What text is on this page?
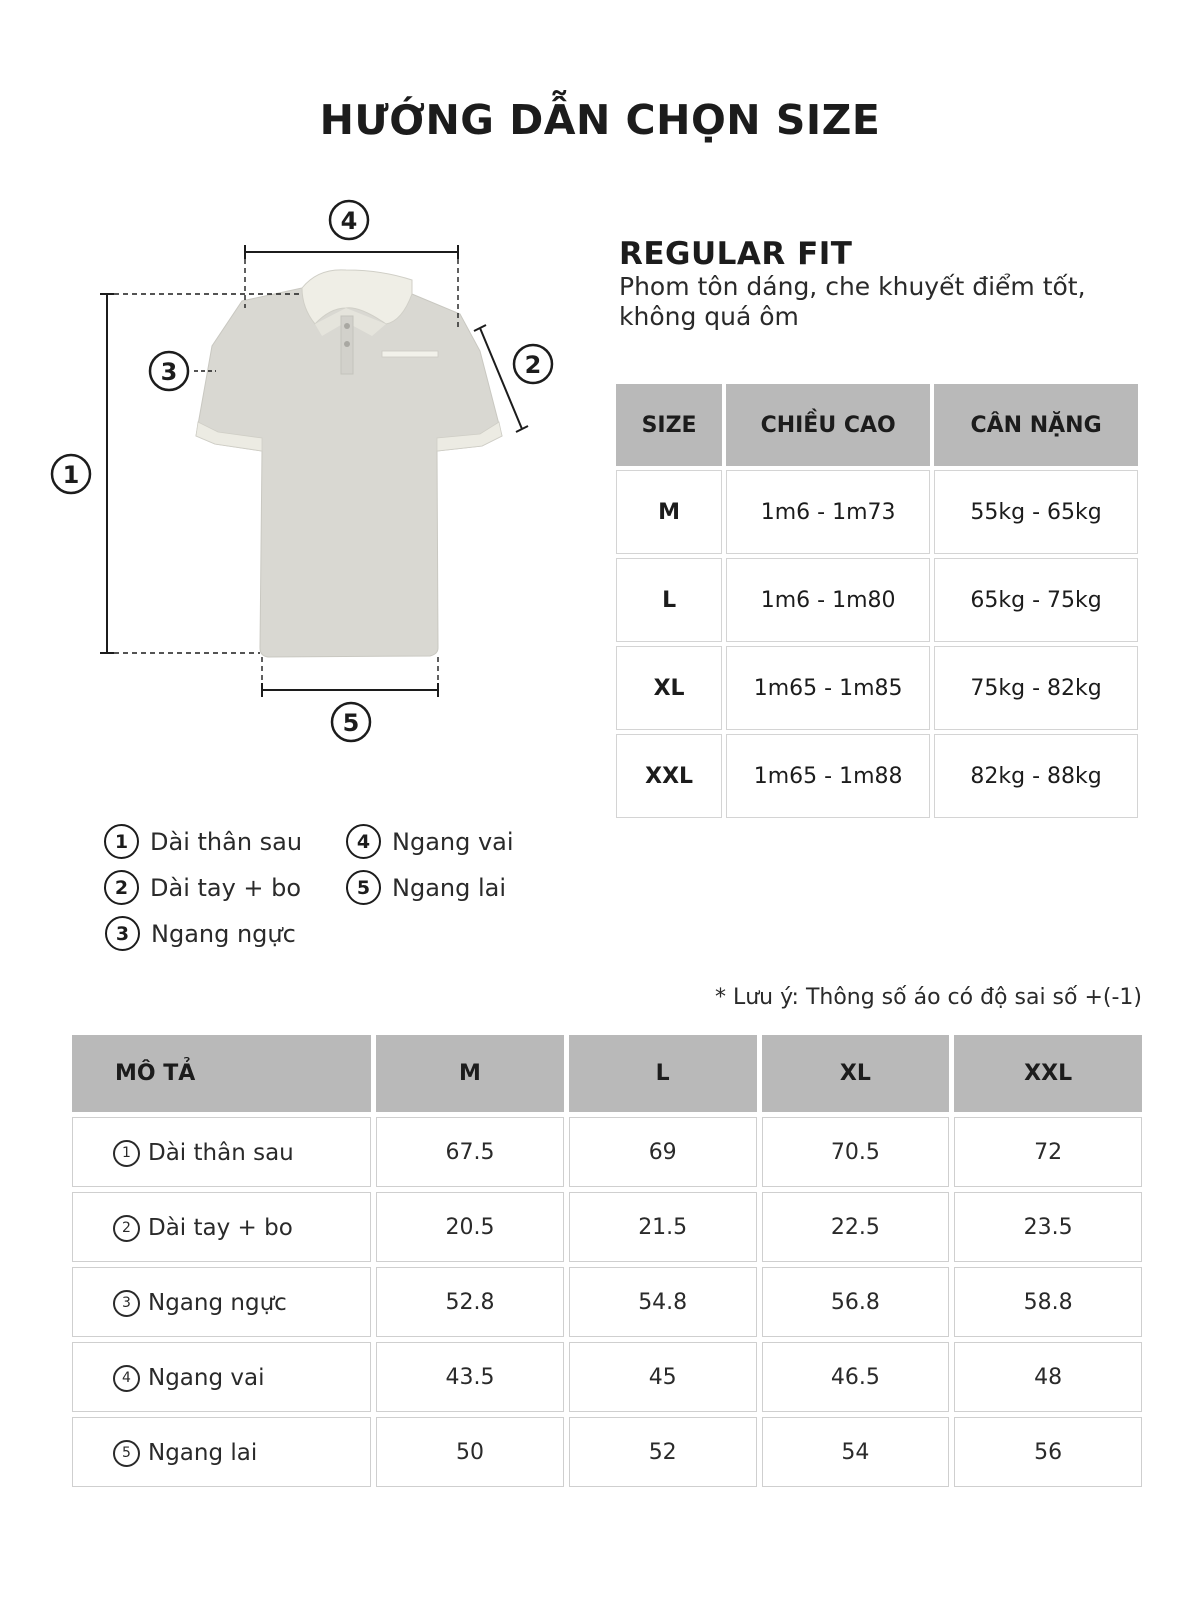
HƯỚNG DẪN CHỌN SIZE
4
1
3	2
5
REGULAR FIT
Phom tôn dáng, che khuyết điểm tốt, không quá ôm
SIZE	CHIỀU CAO	CÂN NẶNG
M	1m6 - 1m73	55kg - 65kg
L	1m6 - 1m80	65kg - 75kg
XL	1m65 - 1m85	75kg - 82kg
XXL	1m65 - 1m88	82kg - 88kg
1 Dài thân sau
2 Dài tay + bo
3 Ngang ngực
4 Ngang vai
5 Ngang lai
* Lưu ý: Thông số áo có độ sai số +(-1)
MÔ TẢ	M	L	XL	XXL

1 Dài thân sau	67.5	69	70.5	72

2 Dài tay + bo	20.5	21.5	22.5	23.5

3 Ngang ngực	52.8	54.8	56.8	58.8

4 Ngang vai	43.5	45	46.5	48

5 Ngang lai	50	52	54	56
